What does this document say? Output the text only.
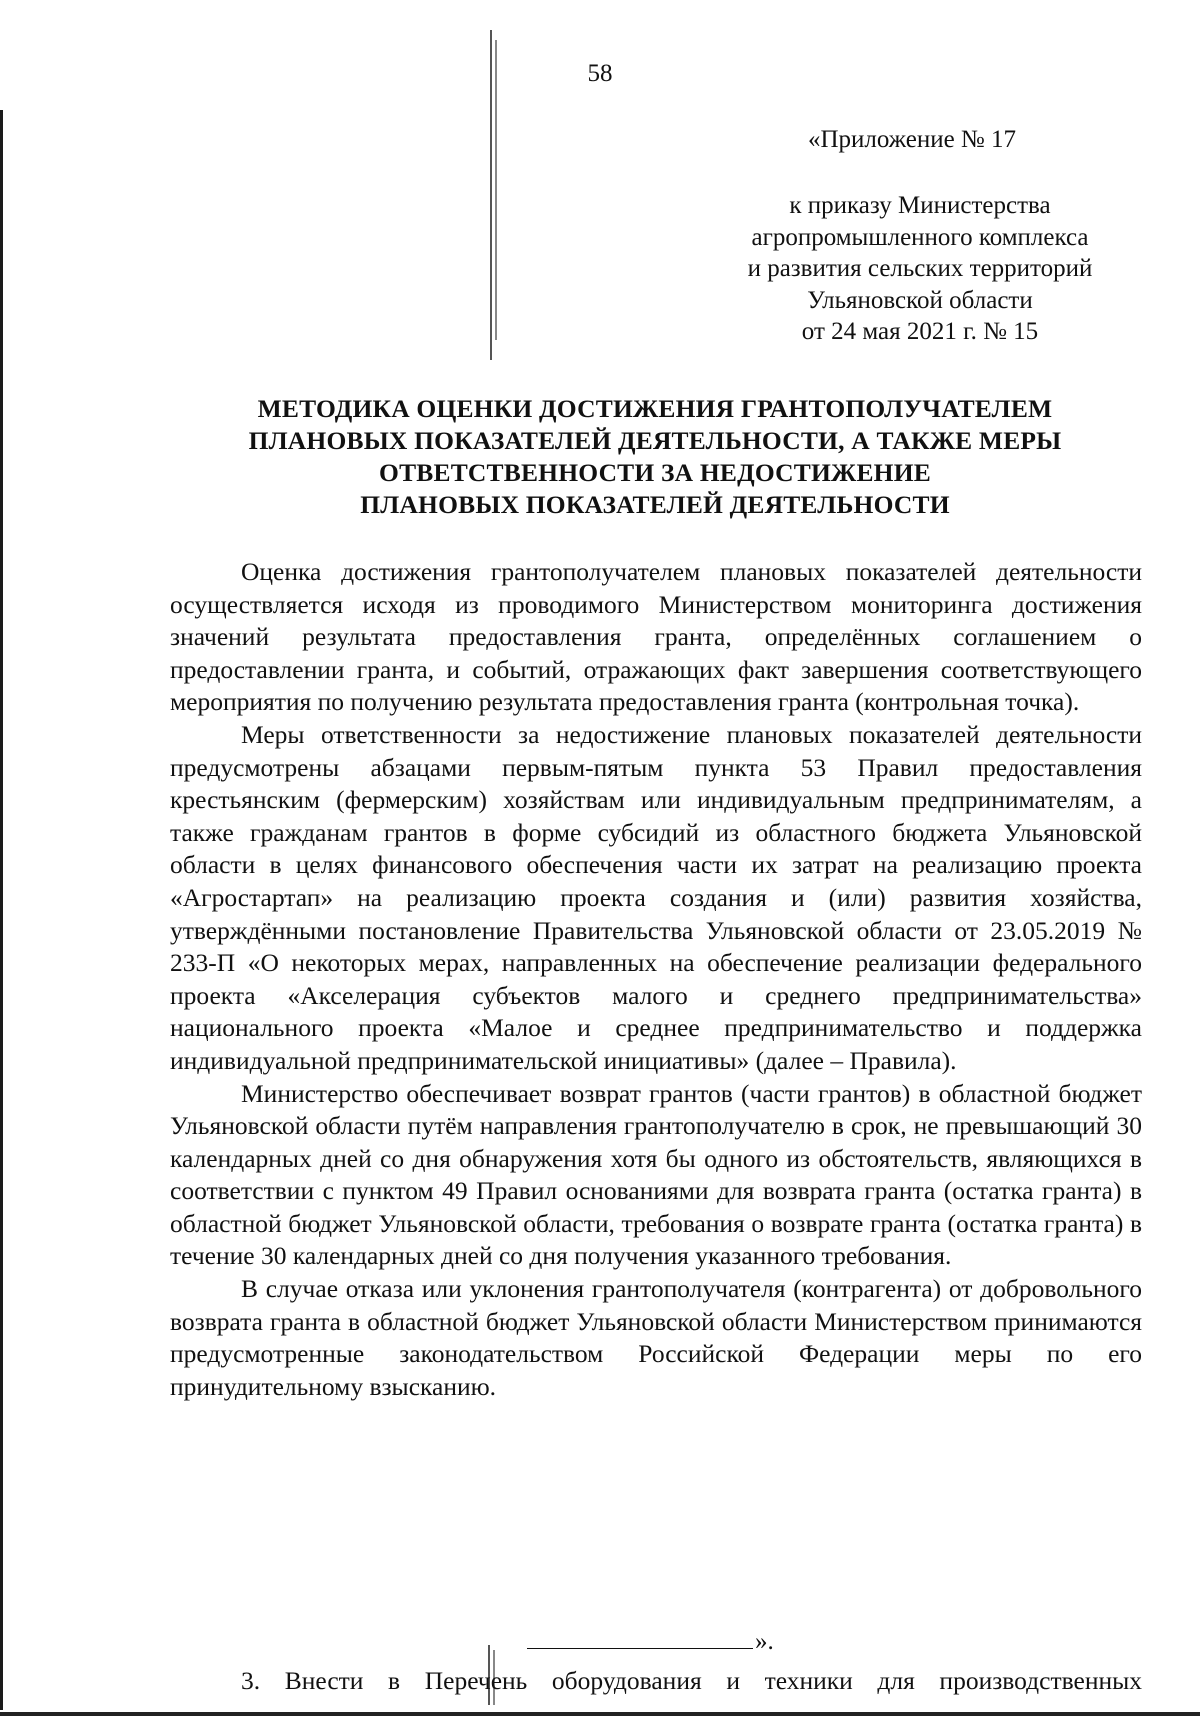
58
«Приложение № 17
к приказу Министерства
агропромышленного комплекса
и развития сельских территорий
Ульяновской области
от 24 мая 2021 г. № 15
МЕТОДИКА ОЦЕНКИ ДОСТИЖЕНИЯ ГРАНТОПОЛУЧАТЕЛЕМ
ПЛАНОВЫХ ПОКАЗАТЕЛЕЙ ДЕЯТЕЛЬНОСТИ, А ТАКЖЕ МЕРЫ
ОТВЕТСТВЕННОСТИ ЗА НЕДОСТИЖЕНИЕ
ПЛАНОВЫХ ПОКАЗАТЕЛЕЙ ДЕЯТЕЛЬНОСТИ

Оценка достижения грантополучателем плановых показателей деятельности осуществляется исходя из проводимого Министерством мониторинга достижения значений результата предоставления гранта, определённых соглашением о предоставлении гранта, и событий, отражающих факт завершения соответствующего мероприятия по получению результата предоставления гранта (контрольная точка).

Меры ответственности за недостижение плановых показателей деятельности предусмотрены абзацами первым-пятым пункта 53 Правил предоставления крестьянским (фермерским) хозяйствам или индивидуальным предпринимателям, а также гражданам грантов в форме субсидий из областного бюджета Ульяновской области в целях финансового обеспечения части их затрат на реализацию проекта «Агростартап» на реализацию проекта создания и (или) развития хозяйства, утверждёнными постановление Правительства Ульяновской области от 23.05.2019 № 233-П «О некоторых мерах, направленных на обеспечение реализации федерального проекта «Акселерация субъектов малого и среднего предпринимательства» национального проекта «Малое и среднее предпринимательство и поддержка индивидуальной предпринимательской инициативы» (далее – Правила).

Министерство обеспечивает возврат грантов (части грантов) в областной бюджет Ульяновской области путём направления грантополучателю в срок, не превышающий 30 календарных дней со дня обнаружения хотя бы одного из обстоятельств, являющихся в соответствии с пунктом 49 Правил основаниями для возврата гранта (остатка гранта) в областной бюджет Ульяновской области, требования о возврате гранта (остатка гранта) в течение 30 календарных дней со дня получения указанного требования.

В случае отказа или уклонения грантополучателя (контрагента) от добровольного возврата гранта в областной бюджет Ульяновской области Министерством принимаются предусмотренные законодательством Российской Федерации меры по его принудительному взысканию.

».
3. Внести в Перечень оборудования и техники для производственных
